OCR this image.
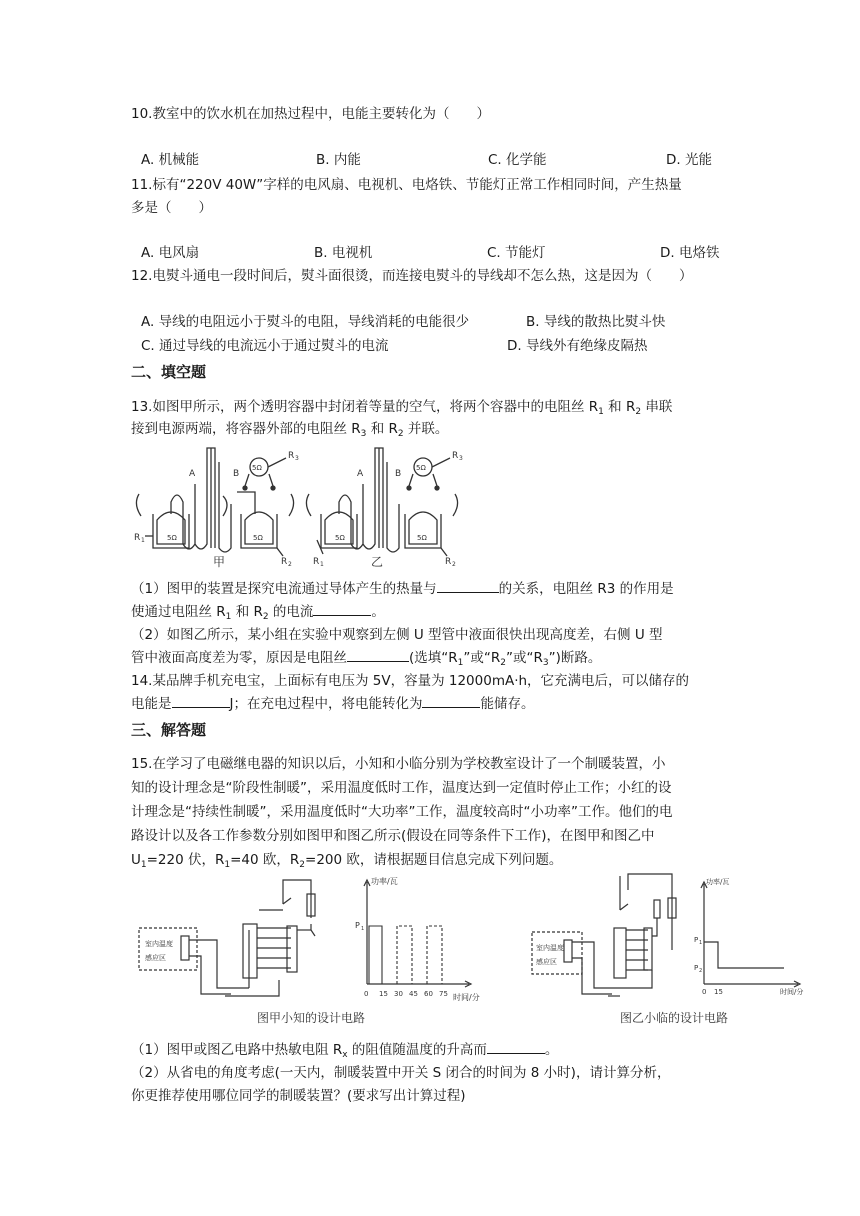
10.教室中的饮水机在加热过程中，电能主要转化为（　　）
A. 机械能	B. 内能	C. 化学能	D. 光能
11.标有“220V 40W”字样的电风扇、电视机、电烙铁、节能灯正常工作相同时间，产生热量
多是（　　）
A. 电风扇	B. 电视机	C. 节能灯	D. 电烙铁
12.电熨斗通电一段时间后，熨斗面很烫，而连接电熨斗的导线却不怎么热，这是因为（　　）
A. 导线的电阻远小于熨斗的电阻，导线消耗的电能很少	B. 导线的散热比熨斗快
C. 通过导线的电流远小于通过熨斗的电流	D. 导线外有绝缘皮隔热
二、填空题
13.如图甲所示，两个透明容器中封闭着等量的空气，将两个容器中的电阻丝 $R_1$ 和 $R_2$ 串联
接到电源两端，将容器外部的电阻丝 $R_3$ 和 $R_2$ 并联。
A	B
5Ω
5Ω	5Ω
R 3
R 1
R 2
甲
A	B
5Ω
5Ω	5Ω
R 3
R 1	R 2
乙
（1）图甲的装置是探究电流通过导体产生的热量与	的关系，电阻丝 R3 的作用是
使通过电阻丝 $R_1$ 和 $R_2$ 的电流	。
（2）如图乙所示，某小组在实验中观察到左侧 U 型管中液面很快出现高度差，右侧 U 型
管中液面高度差为零，原因是电阻丝	(选填“$R_1$”或“$R_2$”或“$R_3$”)断路。
14.某品牌手机充电宝，上面标有电压为 5V，容量为 12000mA·h，它充满电后，可以储存的
电能是	J；在充电过程中，将电能转化为	能储存。
三、解答题
15.在学习了电磁继电器的知识以后，小知和小临分别为学校教室设计了一个制暖装置，小
知的设计理念是“阶段性制暖”，采用温度低时工作，温度达到一定值时停止工作；小红的设
计理念是“持续性制暖”，采用温度低时“大功率”工作，温度较高时“小功率”工作。他们的电
路设计以及各工作参数分别如图甲和图乙所示(假设在同等条件下工作)，在图甲和图乙中
$U_1=220$ 伏，$R_1=40$ 欧，$R_2=200$ 欧，请根据题目信息完成下列问题。
室内温度
感应区
0 15 30 45 60 75
功率/瓦
时间/分
P 1
图甲小知的设计电路
室内温度
感应区
功率/瓦
时间/分
P 1
P 2
0 15
图乙小临的设计电路
（1）图甲或图乙电路中热敏电阻 $R_x$ 的阻值随温度的升高而	。
（2）从省电的角度考虑(一天内，制暖装置中开关 S 闭合的时间为 8 小时)，请计算分析，
你更推荐使用哪位同学的制暖装置？(要求写出计算过程)
